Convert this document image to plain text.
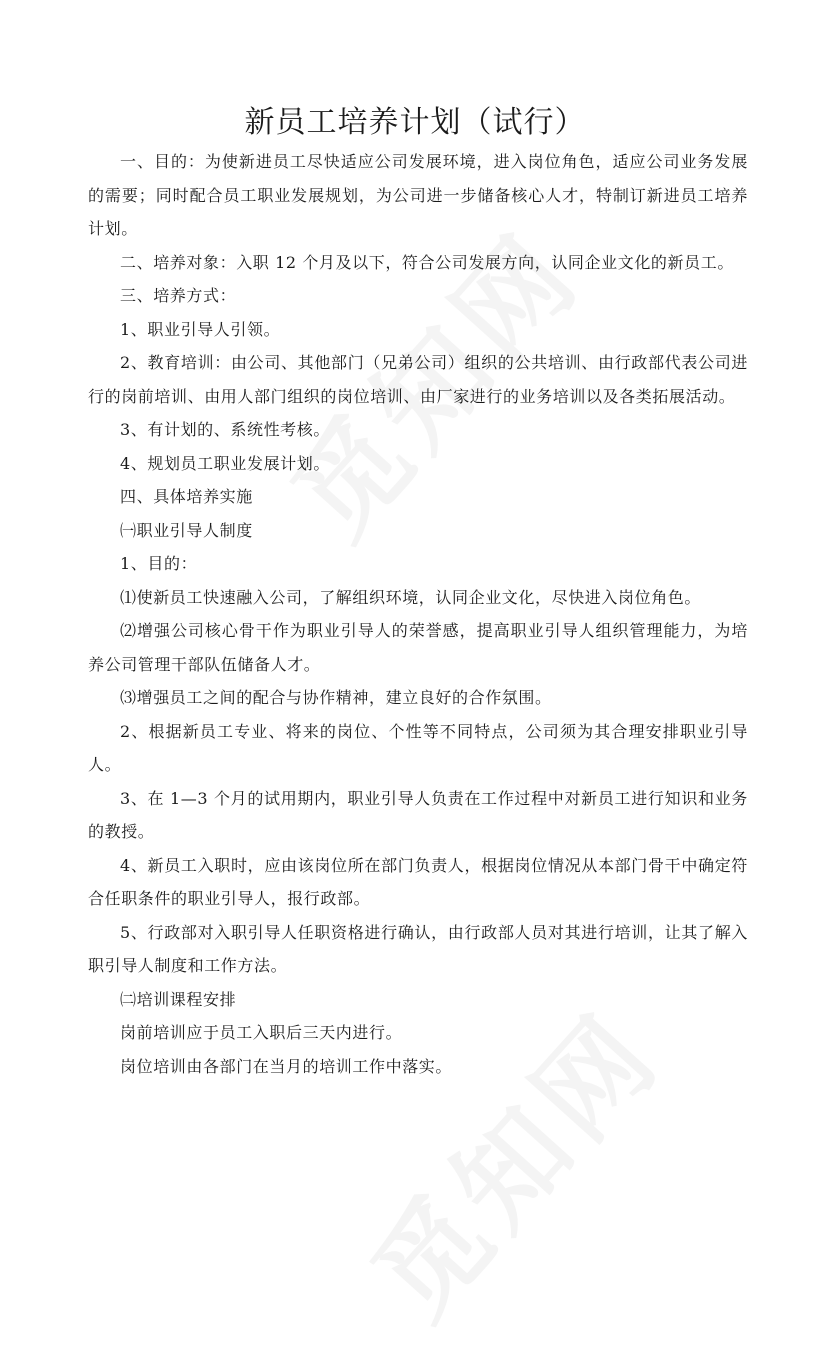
新员工培养计划（试行）

一、目的：为使新进员工尽快适应公司发展环境，进入岗位角色，适应公司业务发展的需要；同时配合员工职业发展规划，为公司进一步储备核心人才，特制订新进员工培养计划。

二、培养对象：入职 12 个月及以下，符合公司发展方向，认同企业文化的新员工。

三、培养方式：

1、职业引导人引领。

2、教育培训：由公司、其他部门（兄弟公司）组织的公共培训、由行政部代表公司进行的岗前培训、由用人部门组织的岗位培训、由厂家进行的业务培训以及各类拓展活动。

3、有计划的、系统性考核。

4、规划员工职业发展计划。

四、具体培养实施

㈠职业引导人制度

1、目的：

⑴使新员工快速融入公司，了解组织环境，认同企业文化，尽快进入岗位角色。

⑵增强公司核心骨干作为职业引导人的荣誉感，提高职业引导人组织管理能力，为培养公司管理干部队伍储备人才。

⑶增强员工之间的配合与协作精神，建立良好的合作氛围。

2、根据新员工专业、将来的岗位、个性等不同特点，公司须为其合理安排职业引导人。

3、在 1—3 个月的试用期内，职业引导人负责在工作过程中对新员工进行知识和业务的教授。

4、新员工入职时，应由该岗位所在部门负责人，根据岗位情况从本部门骨干中确定符合任职条件的职业引导人，报行政部。

5、行政部对入职引导人任职资格进行确认，由行政部人员对其进行培训，让其了解入职引导人制度和工作方法。

㈡培训课程安排

岗前培训应于员工入职后三天内进行。

岗位培训由各部门在当月的培训工作中落实。
